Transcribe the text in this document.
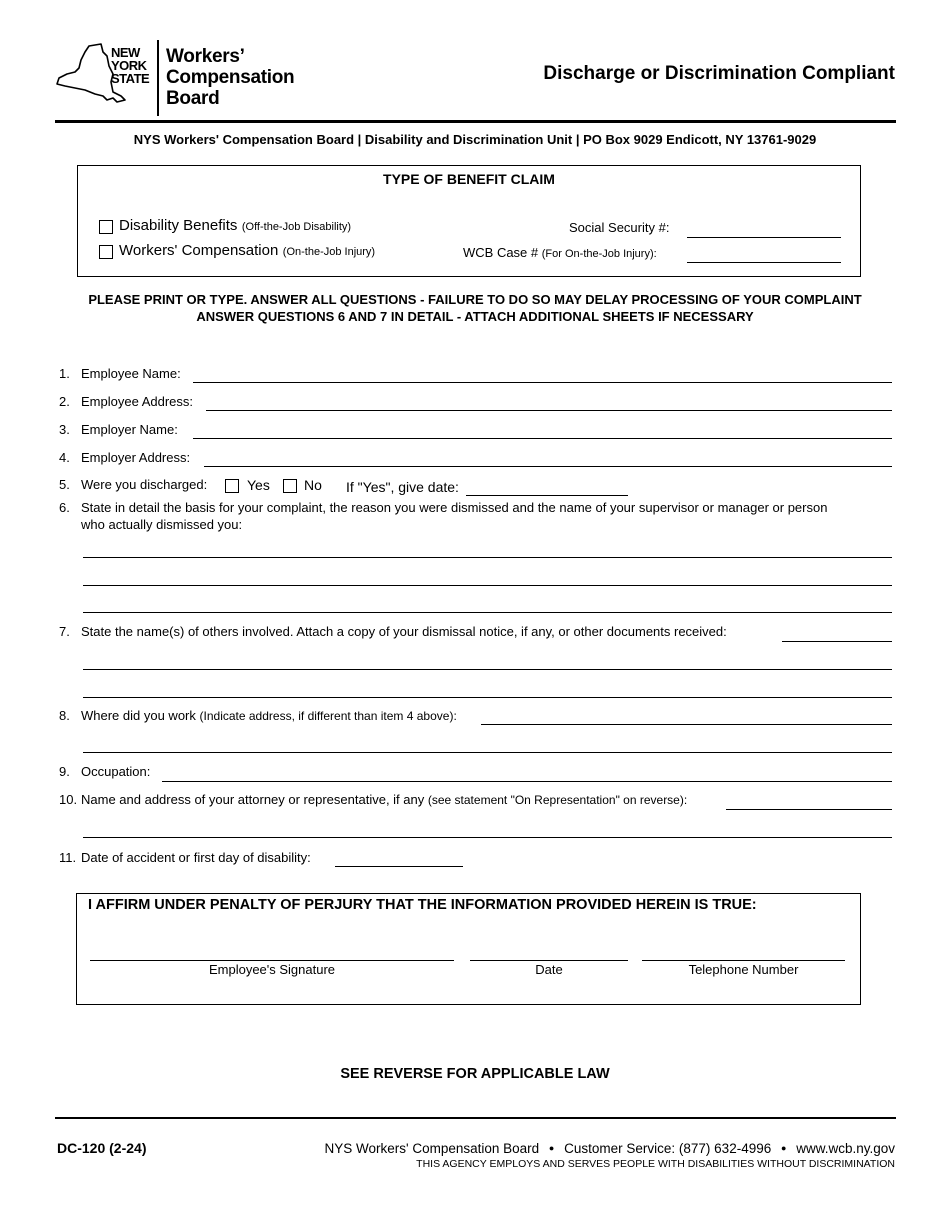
NEW
YORK
STATE
Workers’
Compensation
Board
Discharge or Discrimination Compliant
NYS Workers' Compensation Board | Disability and Discrimination Unit | PO Box 9029 Endicott, NY 13761-9029
TYPE OF BENEFIT CLAIM
Disability Benefits (Off-the-Job Disability)
Workers' Compensation (On-the-Job Injury)
Social Security #:
WCB Case # (For On-the-Job Injury):
PLEASE PRINT OR TYPE. ANSWER ALL QUESTIONS - FAILURE TO DO SO MAY DELAY PROCESSING OF YOUR COMPLAINT
ANSWER QUESTIONS 6 AND 7 IN DETAIL - ATTACH ADDITIONAL SHEETS IF NECESSARY
1. Employee Name:
2. Employee Address:
3. Employer Name:
4. Employer Address:
5. Were you discharged:	Yes No If "Yes", give date:
6. State in detail the basis for your complaint, the reason you were dismissed and the name of your supervisor or manager or person
who actually dismissed you:
7. State the name(s) of others involved. Attach a copy of your dismissal notice, if any, or other documents received:
8. Where did you work (Indicate address, if different than item 4 above):
9. Occupation:
10. Name and address of your attorney or representative, if any (see statement "On Representation" on reverse):
11. Date of accident or first day of disability:
I AFFIRM UNDER PENALTY OF PERJURY THAT THE INFORMATION PROVIDED HEREIN IS TRUE:
Employee's Signature	Date	Telephone Number
SEE REVERSE FOR APPLICABLE LAW
DC-120 (2-24)	NYS Workers' Compensation Board ● Customer Service: (877) 632-4996 ● www.wcb.ny.gov
THIS AGENCY EMPLOYS AND SERVES PEOPLE WITH DISABILITIES WITHOUT DISCRIMINATION
